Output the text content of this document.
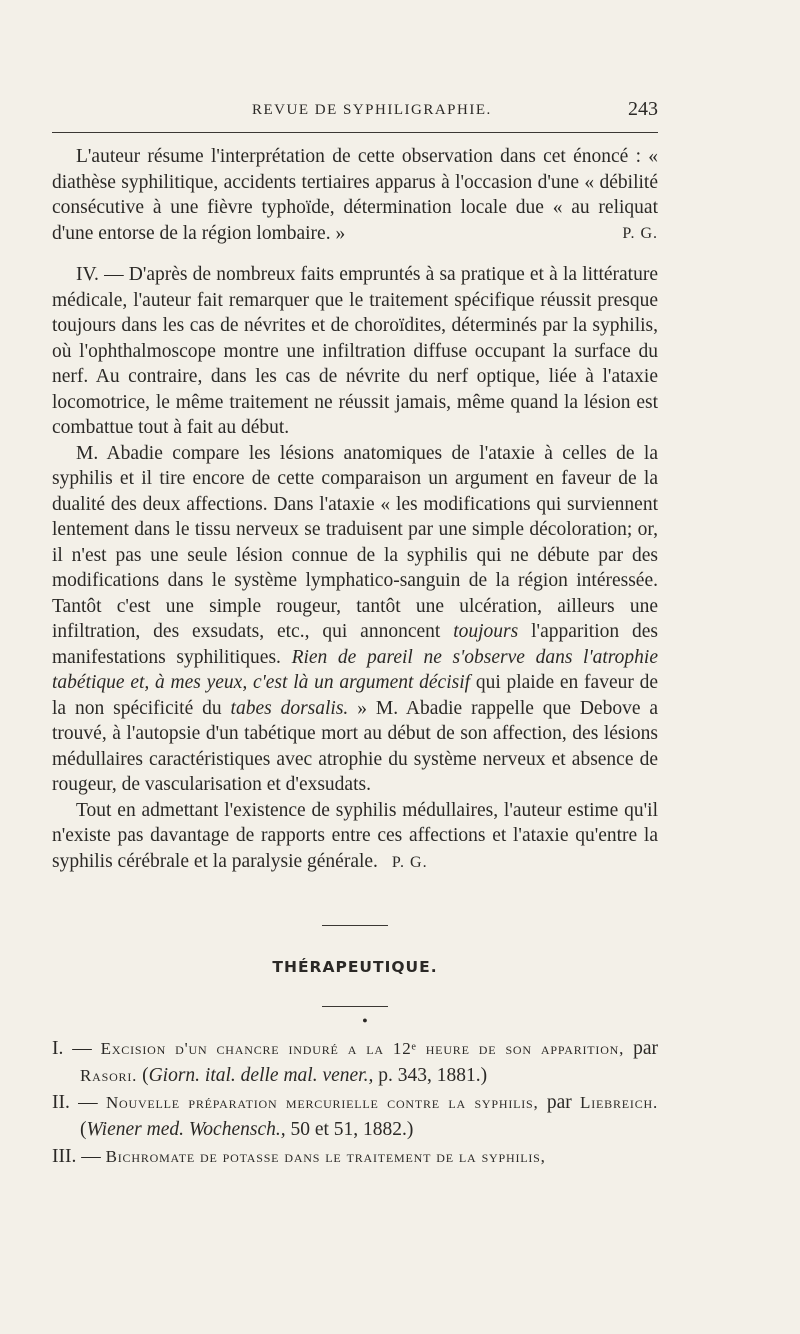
REVUE DE SYPHILIGRAPHIE.	243

L'auteur résume l'interprétation de cette observation dans cet énoncé : « diathèse syphilitique, accidents tertiaires apparus à l'occasion d'une « débilité consécutive à une fièvre typhoïde, détermination locale due « au reliquat d'une entorse de la région lombaire. »	P. G.

IV. — D'après de nombreux faits empruntés à sa pratique et à la littérature médicale, l'auteur fait remarquer que le traitement spécifique réussit presque toujours dans les cas de névrites et de choroïdites, déterminés par la syphilis, où l'ophthalmoscope montre une infiltration diffuse occupant la surface du nerf. Au contraire, dans les cas de névrite du nerf optique, liée à l'ataxie locomotrice, le même traitement ne réussit jamais, même quand la lésion est combattue tout à fait au début.

M. Abadie compare les lésions anatomiques de l'ataxie à celles de la syphilis et il tire encore de cette comparaison un argument en faveur de la dualité des deux affections. Dans l'ataxie « les modifications qui surviennent lentement dans le tissu nerveux se traduisent par une simple décoloration; or, il n'est pas une seule lésion connue de la syphilis qui ne débute par des modifications dans le système lymphatico-sanguin de la région intéressée. Tantôt c'est une simple rougeur, tantôt une ulcération, ailleurs une infiltration, des exsudats, etc., qui annoncent toujours l'apparition des manifestations syphilitiques. Rien de pareil ne s'observe dans l'atrophie tabétique et, à mes yeux, c'est là un argument décisif qui plaide en faveur de la non spécificité du tabes dorsalis. » M. Abadie rappelle que Debove a trouvé, à l'autopsie d'un tabétique mort au début de son affection, des lésions médullaires caractéristiques avec atrophie du système nerveux et absence de rougeur, de vascularisation et d'exsudats.

Tout en admettant l'existence de syphilis médullaires, l'auteur estime qu'il n'existe pas davantage de rapports entre ces affections et l'ataxie qu'entre la syphilis cérébrale et la paralysie générale. P. G.

THÉRAPEUTIQUE.
●

I. — Excision d'un chancre induré a la 12ᵉ heure de son apparition, par Rasori. (Giorn. ital. delle mal. vener., p. 343, 1881.)

II. — Nouvelle préparation mercurielle contre la syphilis, par Liebreich. (Wiener med. Wochensch., 50 et 51, 1882.)

III. — Bichromate de potasse dans le traitement de la syphilis,
